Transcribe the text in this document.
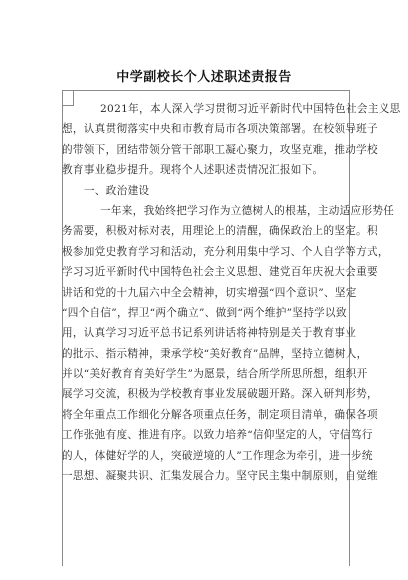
中学副校长个人述职述责报告
2021年，本人深入学习贯彻习近平新时代中国特色社会主义思
想，认真贯彻落实中央和市教育局市各项决策部署。在校领导班子
的带领下，团结带领分管干部职工凝心聚力，攻坚克难，推动学校
教育事业稳步提升。现将个人述职述责情况汇报如下。
一、政治建设
一年来，我始终把学习作为立德树人的根基，主动适应形势任
务需要，积极对标对表，用理论上的清醒，确保政治上的坚定。积
极参加党史教育学习和活动，充分利用集中学习、个人自学等方式，
学习习近平新时代中国特色社会主义思想、建党百年庆祝大会重要
讲话和党的十九届六中全会精神，切实增强“四个意识”、坚定
“四个自信”，捍卫“两个确立”、做到“两个维护”坚持学以致
用，认真学习习近平总书记系列讲话将神特别是关于教育事业
的批示、指示精神，秉承学校“美好教育”品牌，坚持立德树人，
并以“美好教育育美好学生”为愿景，结合所学所思所想，组织开
展学习交流，积极为学校教育事业发展破题开路。深入研判形势，
将全年重点工作细化分解各项重点任务，制定项目清单，确保各项
工作张弛有度、推进有序。以致力培养“信仰坚定的人，守信笃行
的人，体健好学的人，突破逆境的人”工作理念为牵引，进一步统
一思想、凝聚共识、汇集发展合力。坚守民主集中制原则，自觉维
